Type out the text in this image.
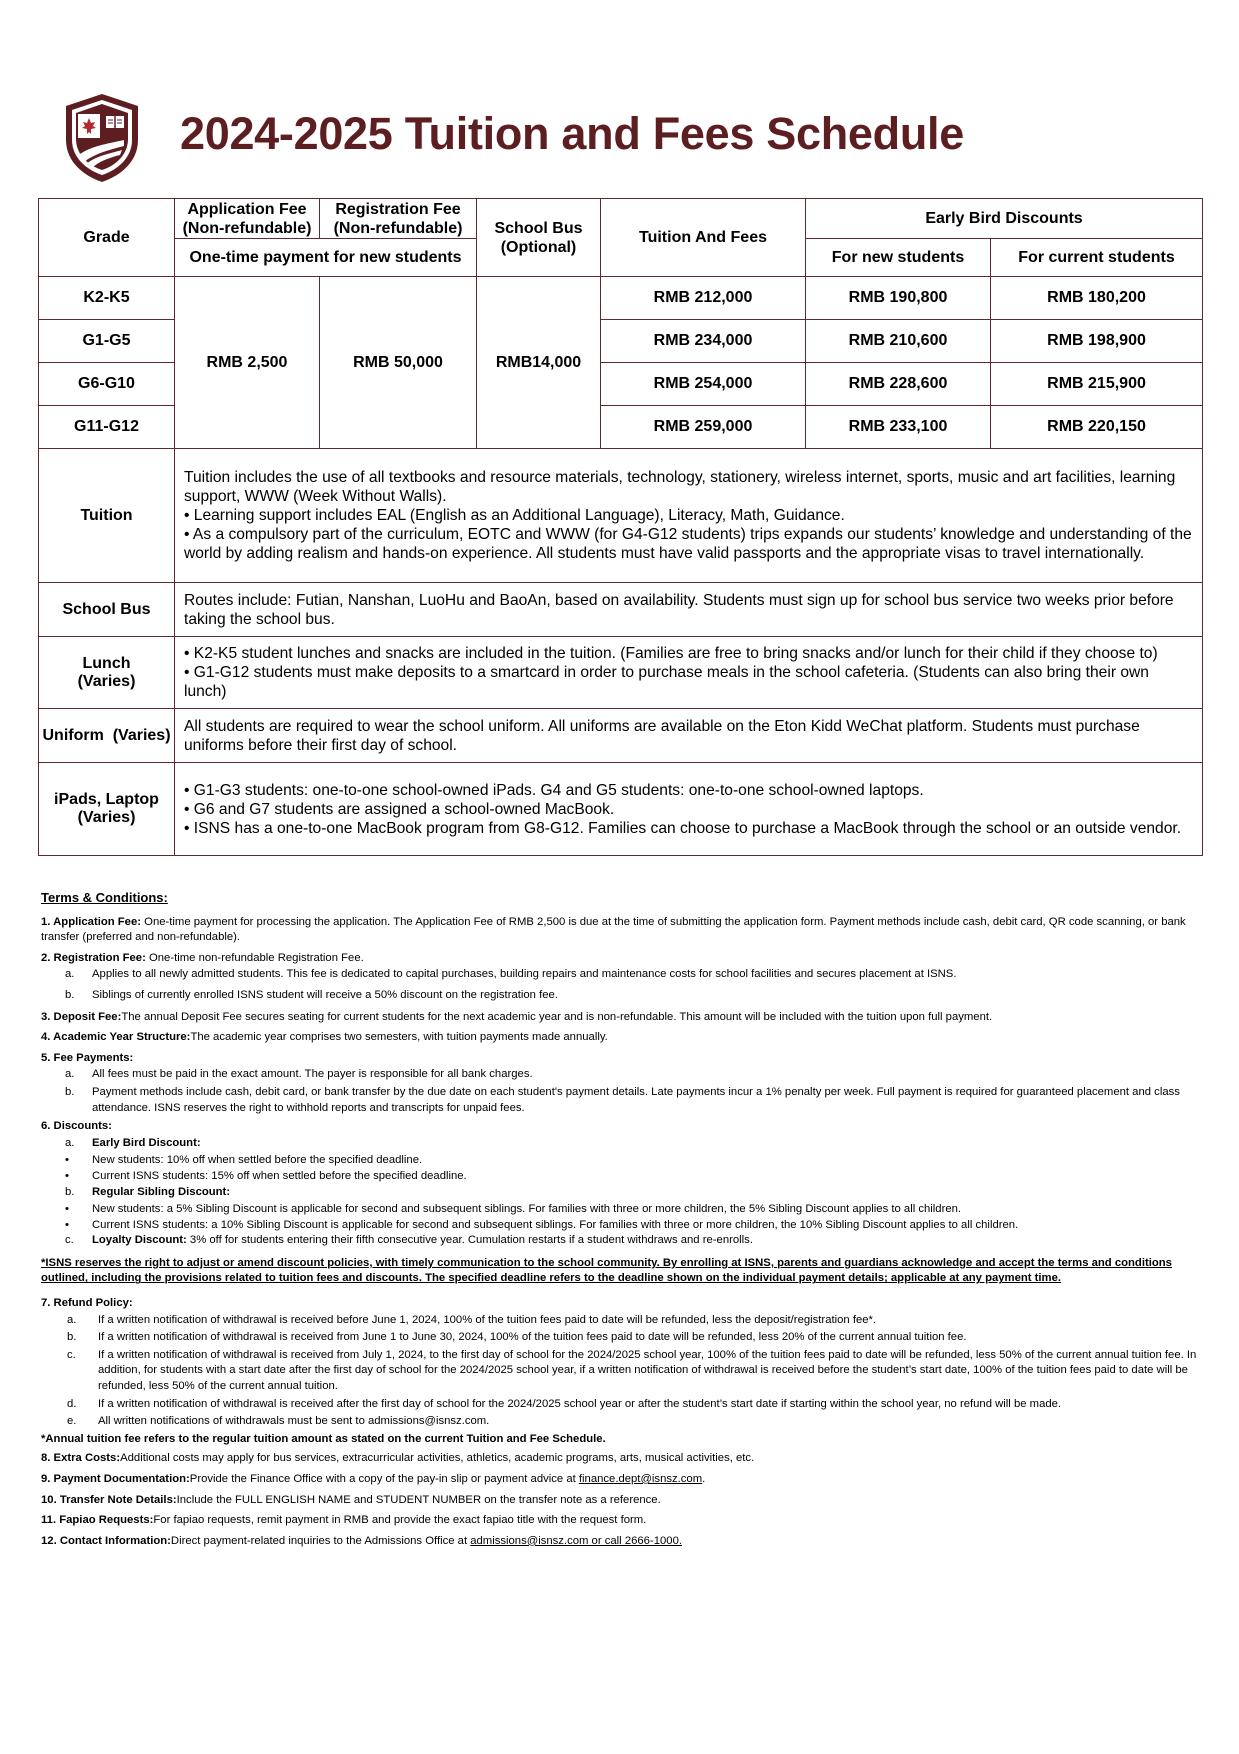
2024-2025 Tuition and Fees Schedule
Grade	Application Fee (Non-refundable)	Registration Fee (Non-refundable)	School Bus (Optional)	Tuition And Fees	Early Bird Discounts	
	One-time payment for new students				For new students	For current students
K2-K5	RMB 2,500	RMB 50,000	RMB14,000	RMB 212,000	RMB 190,800	RMB 180,200
G1-G5				RMB 234,000	RMB 210,600	RMB 198,900
G6-G10				RMB 254,000	RMB 228,600	RMB 215,900
G11-G12				RMB 259,000	RMB 233,100	RMB 220,150
Tuition	Tuition includes the use of all textbooks and resource materials, technology, stationery, wireless internet, sports, music and art facilities, learning support, WWW (Week Without Walls).
• Learning support includes EAL (English as an Additional Language), Literacy, Math, Guidance.
• As a compulsory part of the curriculum, EOTC and WWW (for G4-G12 students) trips expands our students’ knowledge and understanding of the world by adding realism and hands-on experience. All students must have valid passports and the appropriate visas to travel internationally.					

School Bus	Routes include: Futian, Nanshan, LuoHu and BaoAn, based on availability. Students must sign up for school bus service two weeks prior before taking the school bus.					

Lunch (Varies)	• K2-K5 student lunches and snacks are included in the tuition. (Families are free to bring snacks and/or lunch for their child if they choose to)
• G1-G12 students must make deposits to a smartcard in order to purchase meals in the school cafeteria. (Students can also bring their own lunch)					

Uniform  (Varies)	All students are required to wear the school uniform. All uniforms are available on the Eton Kidd WeChat platform. Students must purchase uniforms before their first day of school.					

iPads, Laptop (Varies)	• G1-G3 students: one-to-one school-owned iPads. G4 and G5 students: one-to-one school-owned laptops.
• G6 and G7 students are assigned a school-owned MacBook.
• ISNS has a one-to-one MacBook program from G8-G12. Families can choose to purchase a MacBook through the school or an outside vendor.					
Terms & Conditions:
1. Application Fee: One-time payment for processing the application. The Application Fee of RMB 2,500 is due at the time of submitting the application form. Payment methods include cash, debit card, QR code scanning, or bank transfer (preferred and non-refundable).
2. Registration Fee: One-time non-refundable Registration Fee.
a. Applies to all newly admitted students. This fee is dedicated to capital purchases, building repairs and maintenance costs for school facilities and secures placement at ISNS.
b. Siblings of currently enrolled ISNS student will receive a 50% discount on the registration fee.
3. Deposit Fee:The annual Deposit Fee secures seating for current students for the next academic year and is non-refundable. This amount will be included with the tuition upon full payment.
4. Academic Year Structure:The academic year comprises two semesters, with tuition payments made annually.
5. Fee Payments:
a. All fees must be paid in the exact amount. The payer is responsible for all bank charges.
b. Payment methods include cash, debit card, or bank transfer by the due date on each student's payment details. Late payments incur a 1% penalty per week. Full payment is required for guaranteed placement and class attendance. ISNS reserves the right to withhold reports and transcripts for unpaid fees.
6. Discounts:
a. Early Bird Discount:
• New students: 10% off when settled before the specified deadline.
• Current ISNS students: 15% off when settled before the specified deadline.
b. Regular Sibling Discount:
• New students: a 5% Sibling Discount is applicable for second and subsequent siblings. For families with three or more children, the 5% Sibling Discount applies to all children.
• Current ISNS students: a 10% Sibling Discount is applicable for second and subsequent siblings. For families with three or more children, the 10% Sibling Discount applies to all children.
c. Loyalty Discount: 3% off for students entering their fifth consecutive year. Cumulation restarts if a student withdraws and re-enrolls.
*ISNS reserves the right to adjust or amend discount policies, with timely communication to the school community. By enrolling at ISNS, parents and guardians acknowledge and accept the terms and conditions outlined, including the provisions related to tuition fees and discounts. The specified deadline refers to the deadline shown on the individual payment details; applicable at any payment time.
7. Refund Policy:
a. If a written notification of withdrawal is received before June 1, 2024, 100% of the tuition fees paid to date will be refunded, less the deposit/registration fee*.
b. If a written notification of withdrawal is received from June 1 to June 30, 2024, 100% of the tuition fees paid to date will be refunded, less 20% of the current annual tuition fee.
c. If a written notification of withdrawal is received from July 1, 2024, to the first day of school for the 2024/2025 school year, 100% of the tuition fees paid to date will be refunded, less 50% of the current annual tuition fee. In addition, for students with a start date after the first day of school for the 2024/2025 school year, if a written notification of withdrawal is received before the student’s start date, 100% of the tuition fees paid to date will be refunded, less 50% of the current annual tuition.
d. If a written notification of withdrawal is received after the first day of school for the 2024/2025 school year or after the student’s start date if starting within the school year, no refund will be made.
e. All written notifications of withdrawals must be sent to admissions@isnsz.com.
*Annual tuition fee refers to the regular tuition amount as stated on the current Tuition and Fee Schedule.
8. Extra Costs:Additional costs may apply for bus services, extracurricular activities, athletics, academic programs, arts, musical activities, etc.
9. Payment Documentation:Provide the Finance Office with a copy of the pay-in slip or payment advice at finance.dept@isnsz.com.
10. Transfer Note Details:Include the FULL ENGLISH NAME and STUDENT NUMBER on the transfer note as a reference.
11. Fapiao Requests:For fapiao requests, remit payment in RMB and provide the exact fapiao title with the request form.
12. Contact Information:Direct payment-related inquiries to the Admissions Office at admissions@isnsz.com or call 2666-1000.
